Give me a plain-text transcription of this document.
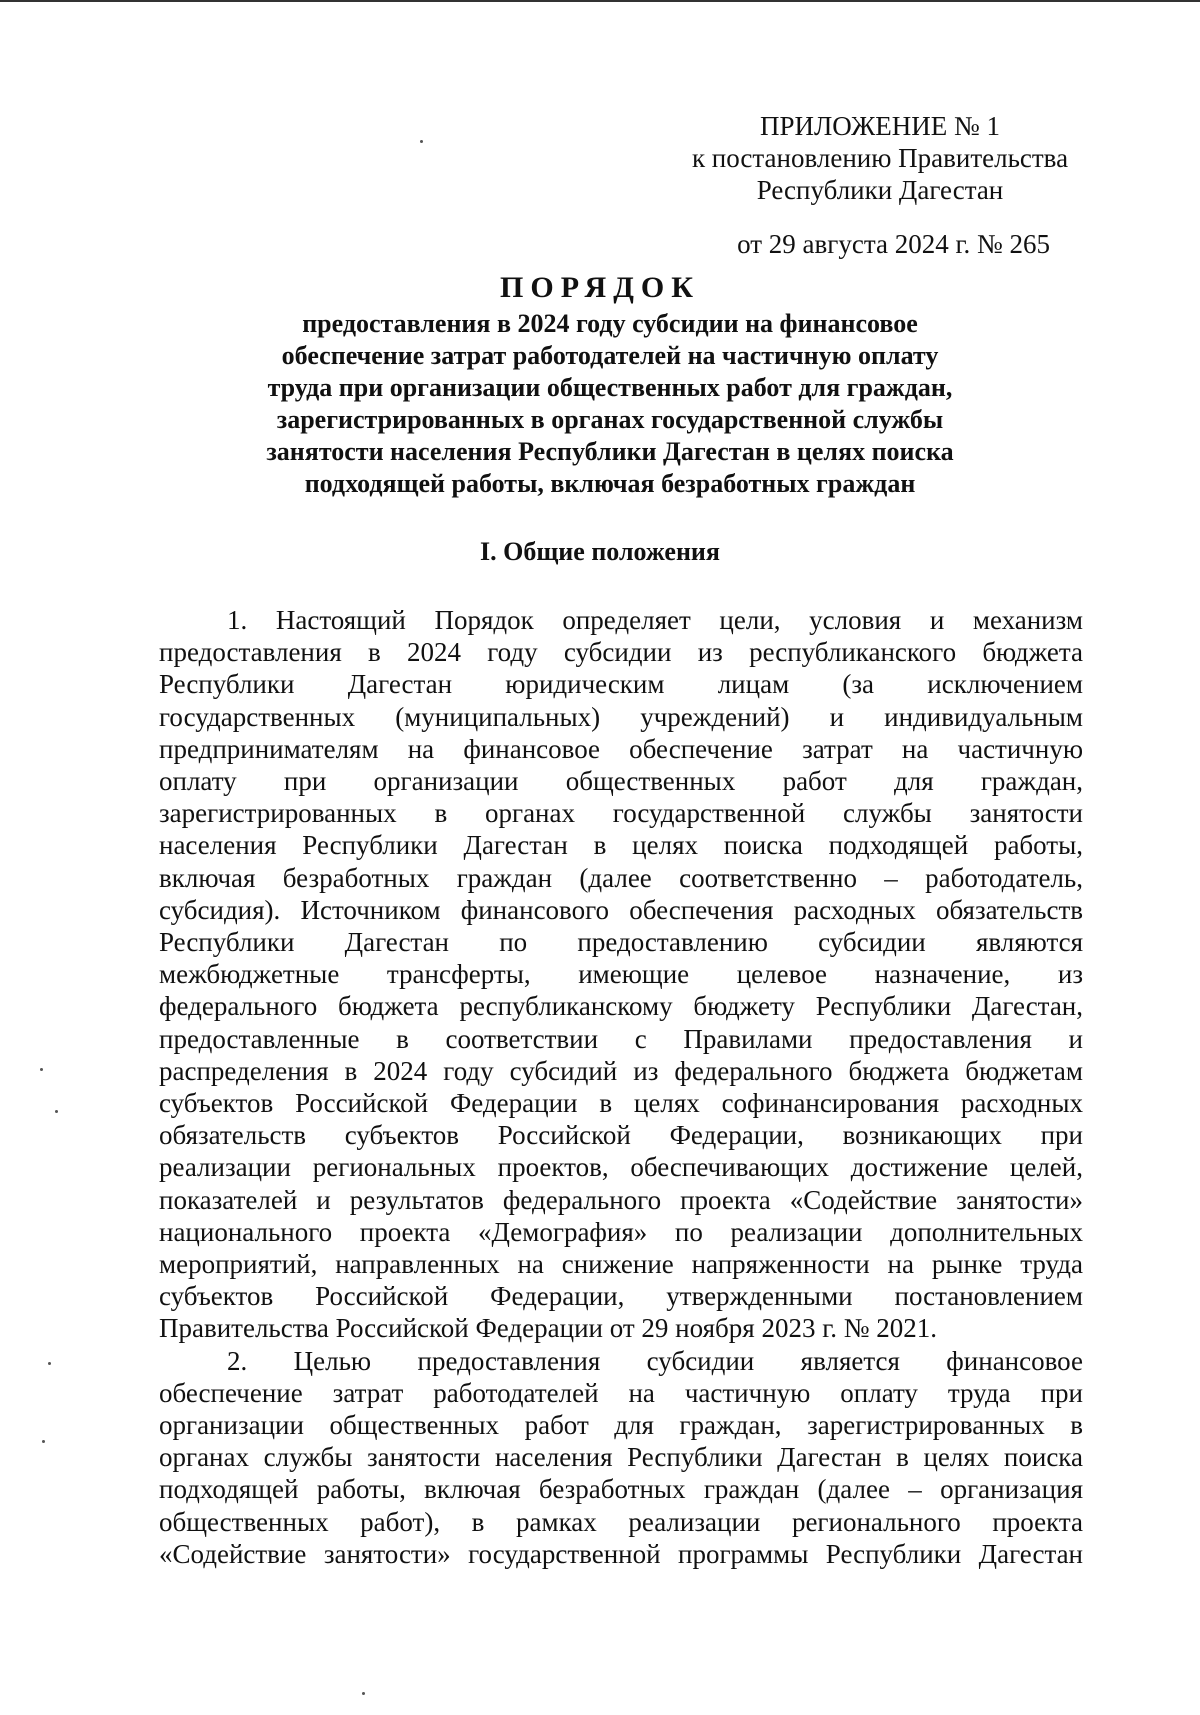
ПРИЛОЖЕНИЕ № 1
к постановлению Правительства
Республики Дагестан
от 29 августа 2024 г. № 265
ПОРЯДОК
предоставления в 2024 году субсидии на финансовое
обеспечение затрат работодателей на частичную оплату
труда при организации общественных работ для граждан,
зарегистрированных в органах государственной службы
занятости населения Республики Дагестан в целях поиска
подходящей работы, включая безработных граждан
I. Общие положения

1. Настоящий Порядок определяет цели, условия и механизм
предоставления в 2024 году субсидии из республиканского бюджета
Республики Дагестан юридическим лицам (за исключением
государственных (муниципальных) учреждений) и индивидуальным
предпринимателям на финансовое обеспечение затрат на частичную
оплату при организации общественных работ для граждан,
зарегистрированных в органах государственной службы занятости
населения Республики Дагестан в целях поиска подходящей работы,
включая безработных граждан (далее соответственно – работодатель,
субсидия). Источником финансового обеспечения расходных обязательств
Республики Дагестан по предоставлению субсидии являются
межбюджетные трансферты, имеющие целевое назначение, из
федерального бюджета республиканскому бюджету Республики Дагестан,
предоставленные в соответствии с Правилами предоставления и
распределения в 2024 году субсидий из федерального бюджета бюджетам
субъектов Российской Федерации в целях софинансирования расходных
обязательств субъектов Российской Федерации, возникающих при
реализации региональных проектов, обеспечивающих достижение целей,
показателей и результатов федерального проекта «Содействие занятости»
национального проекта «Демография» по реализации дополнительных
мероприятий, направленных на снижение напряженности на рынке труда
субъектов Российской Федерации, утвержденными постановлением
Правительства Российской Федерации от 29 ноября 2023 г. № 2021.

2. Целью предоставления субсидии является финансовое
обеспечение затрат работодателей на частичную оплату труда при
организации общественных работ для граждан, зарегистрированных в
органах службы занятости населения Республики Дагестан в целях поиска
подходящей работы, включая безработных граждан (далее – организация
общественных работ), в рамках реализации регионального проекта
«Содействие занятости» государственной программы Республики Дагестан
